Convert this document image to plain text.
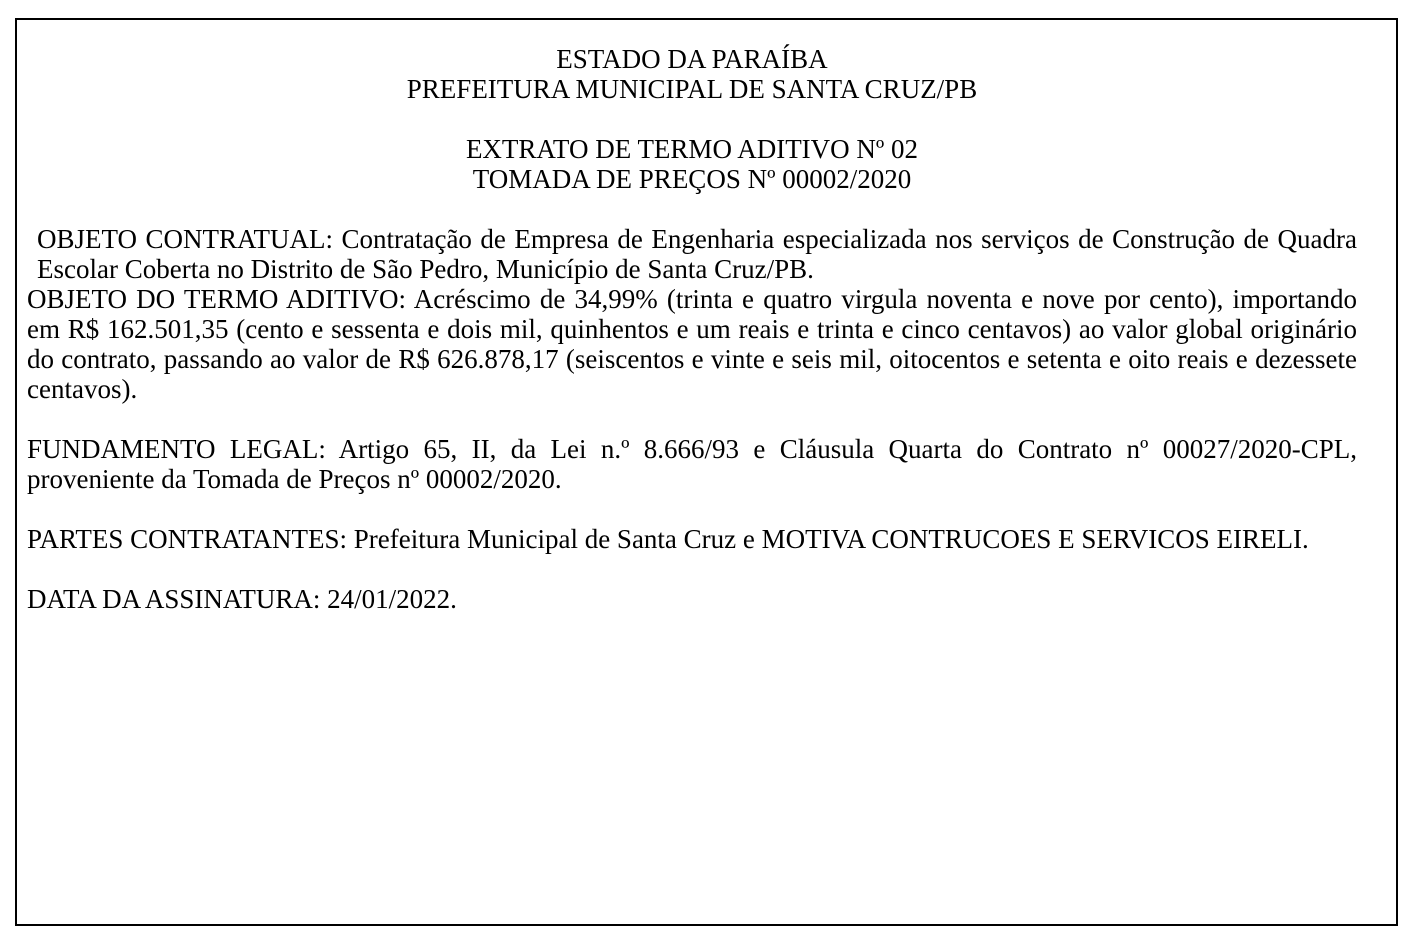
ESTADO DA PARAÍBA

PREFEITURA MUNICIPAL DE SANTA CRUZ/PB

EXTRATO DE TERMO ADITIVO Nº 02

TOMADA DE PREÇOS Nº 00002/2020

OBJETO CONTRATUAL: Contratação de Empresa de Engenharia especializada nos serviços de Construção de Quadra Escolar Coberta no Distrito de São Pedro, Município de Santa Cruz/PB.

OBJETO DO TERMO ADITIVO: Acréscimo de 34,99% (trinta e quatro virgula noventa e nove por cento), importando em R$ 162.501,35 (cento e sessenta e dois mil, quinhentos e um reais e trinta e cinco centavos) ao valor global originário do contrato, passando ao valor de R$ 626.878,17 (seiscentos e vinte e seis mil, oitocentos e setenta e oito reais e dezessete centavos).

FUNDAMENTO LEGAL: Artigo 65, II, da Lei n.º 8.666/93 e Cláusula Quarta do Contrato nº 00027/2020-CPL, proveniente da Tomada de Preços nº 00002/2020.

PARTES CONTRATANTES: Prefeitura Municipal de Santa Cruz e MOTIVA CONTRUCOES E SERVICOS EIRELI.

DATA DA ASSINATURA: 24/01/2022.
